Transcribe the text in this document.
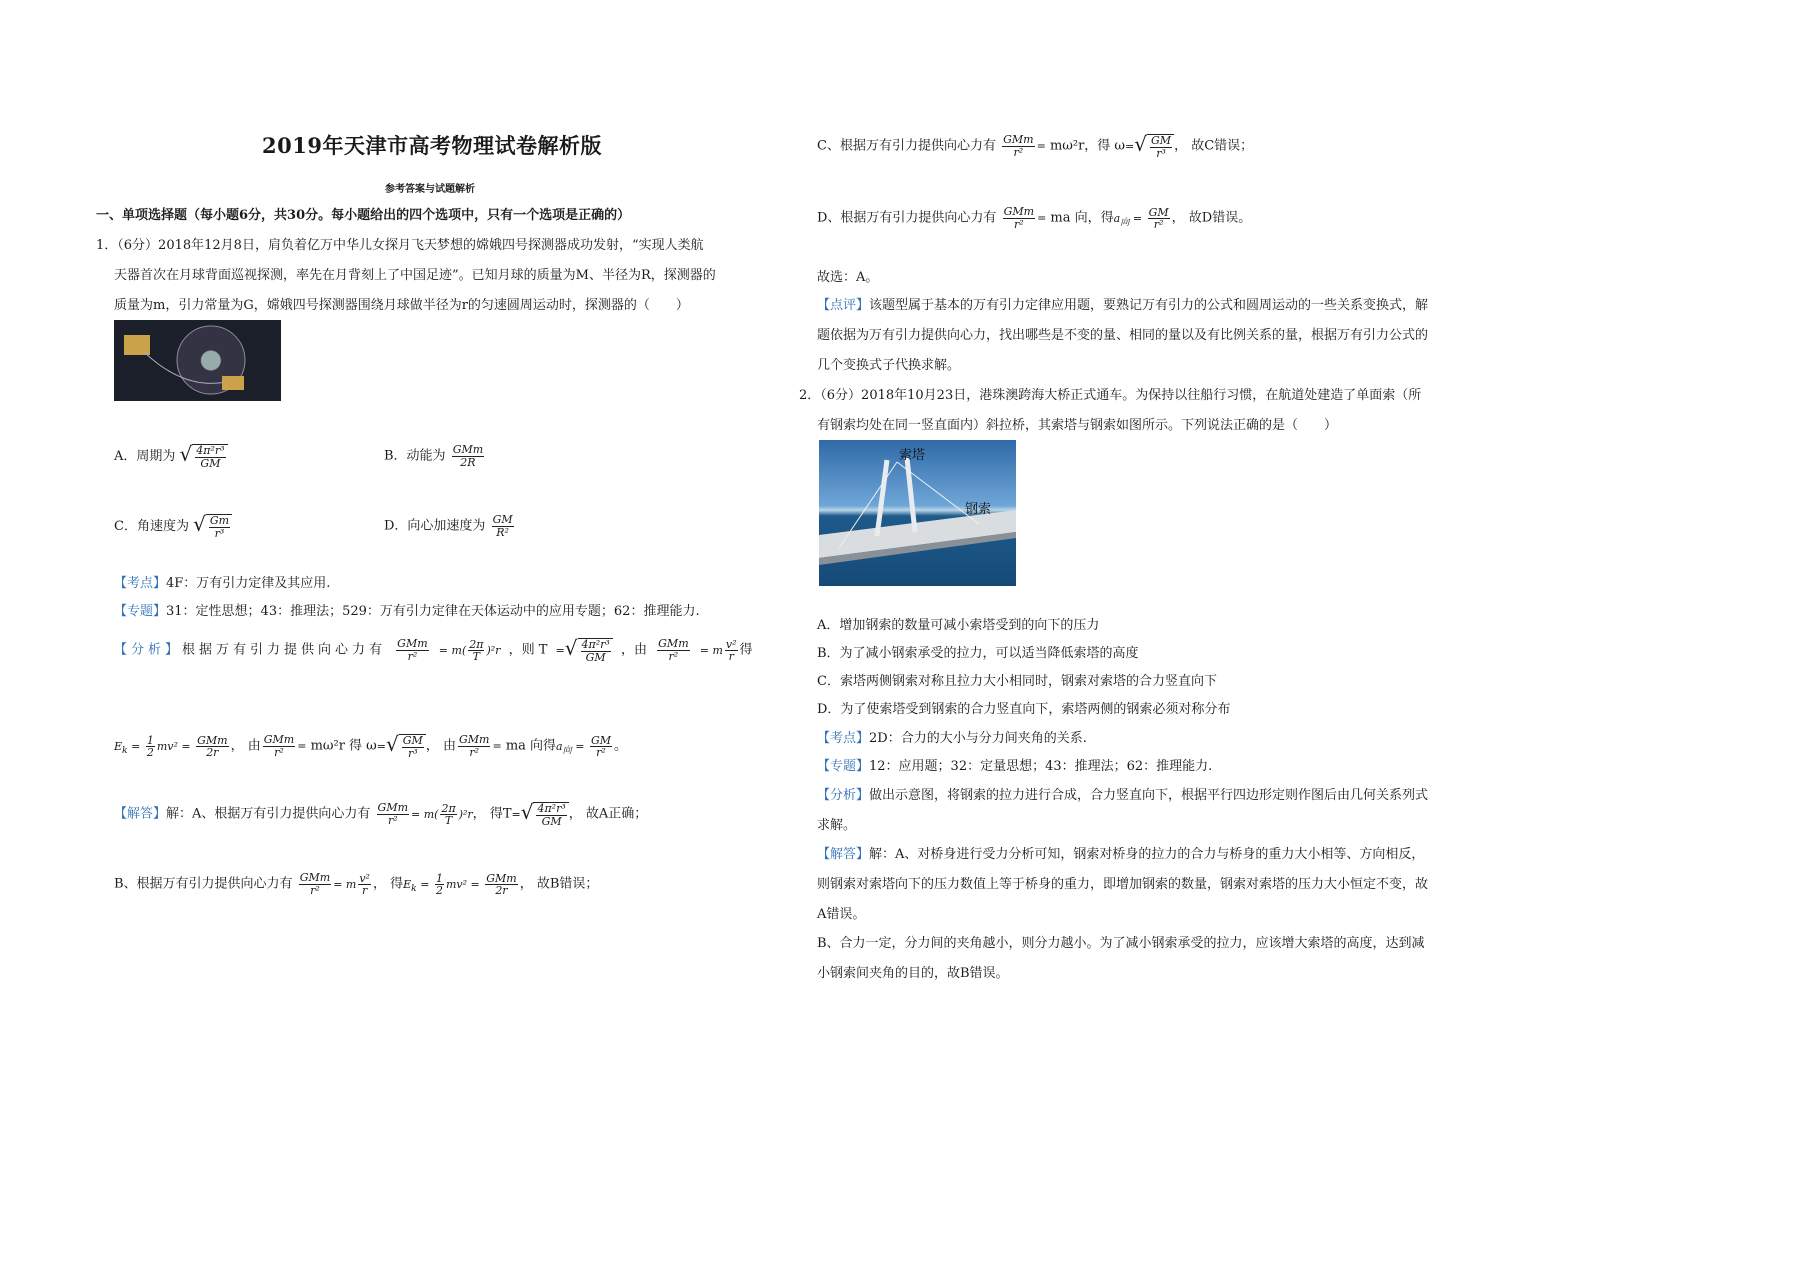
2019年天津市高考物理试卷解析版
参考答案与试题解析
一、单项选择题（每小题6分，共30分。每小题给出的四个选项中，只有一个选项是正确的）
1．（6分）2018年12月8日，肩负着亿万中华儿女探月飞天梦想的嫦娥四号探测器成功发射，“实现人类航
天器首次在月球背面巡视探测，率先在月背刻上了中国足迹”。已知月球的质量为M、半径为R，探测器的
质量为m，引力常量为G，嫦娥四号探测器围绕月球做半径为r的匀速圆周运动时，探测器的（　　）
A．周期为 √ $\frac{\text{4π²r³}}{GM}$	B．动能为 $\frac{\text{GMm}}{2R}$
C．角速度为 √ $\frac{Gm}{\text{r³}}$	D．向心加速度为 $\frac{GM}{\text{R²}}$
【考点】4F：万有引力定律及其应用.
【专题】31：定性思想；43：推理法；529：万有引力定律在天体运动中的应用专题；62：推理能力.
【分析】根据万有引力提供向心力有 $\frac{\text{GMm}}{\text{r²}} = m( \frac{2\pi}{T} )^2r$ ，则 T = √ $\frac{\text{4π²r³}}{GM}$ ，由 $\frac{\text{GMm}}{\text{r²}} = m \frac{\text{v²}}{r}$ 得
$E_k = \frac{1}{2} mv^2 = \frac{\text{GMm}}{2r}$ ， 由 $\frac{\text{GMm}}{\text{r²}} = m\omega^2r$ 得 ω= √ $\frac{GM}{\text{r³}}$ ， 由 $\frac{\text{GMm}}{\text{r²}}$ = ma 向得$a_向 = \frac{GM}{\text{r²}}$ 。
【解答】解：A、根据万有引力提供向心力有 $\frac{\text{GMm}}{\text{r²}} = m( \frac{2\pi}{T} )^2r$， 得T= √ $\frac{\text{4π²r³}}{GM}$ ， 故A正确；
B、根据万有引力提供向心力有 $\frac{\text{GMm}}{\text{r²}} = m \frac{\text{v²}}{r}$ ， 得$E_k = \frac{1}{2} mv^2 = \frac{\text{GMm}}{2r}$ ， 故B错误；
C、根据万有引力提供向心力有 $\frac{\text{GMm}}{\text{r²}} = m\omega^2r$，得 ω= √ $\frac{GM}{\text{r³}}$ ， 故C错误；
D、根据万有引力提供向心力有 $\frac{\text{GMm}}{\text{r²}}$ = ma 向，得$a_向 = \frac{GM}{\text{r²}}$ ， 故D错误。
故选：A。
【点评】该题型属于基本的万有引力定律应用题，要熟记万有引力的公式和圆周运动的一些关系变换式，解
题依据为万有引力提供向心力，找出哪些是不变的量、相同的量以及有比例关系的量，根据万有引力公式的
几个变换式子代换求解。
2．（6分）2018年10月23日，港珠澳跨海大桥正式通车。为保持以往船行习惯，在航道处建造了单面索（所
有钢索均处在同一竖直面内）斜拉桥，其索塔与钢索如图所示。下列说法正确的是（　　）
索塔
钢索
A．增加钢索的数量可减小索塔受到的向下的压力
B．为了减小钢索承受的拉力，可以适当降低索塔的高度
C．索塔两侧钢索对称且拉力大小相同时，钢索对索塔的合力竖直向下
D．为了使索塔受到钢索的合力竖直向下，索塔两侧的钢索必须对称分布
【考点】2D：合力的大小与分力间夹角的关系.
【专题】12：应用题；32：定量思想；43：推理法；62：推理能力.
【分析】做出示意图，将钢索的拉力进行合成，合力竖直向下，根据平行四边形定则作图后由几何关系列式
求解。
【解答】解：A、对桥身进行受力分析可知，钢索对桥身的拉力的合力与桥身的重力大小相等、方向相反，
则钢索对索塔向下的压力数值上等于桥身的重力，即增加钢索的数量，钢索对索塔的压力大小恒定不变，故
A错误。
B、合力一定，分力间的夹角越小，则分力越小。为了减小钢索承受的拉力，应该增大索塔的高度，达到减
小钢索间夹角的目的，故B错误。
